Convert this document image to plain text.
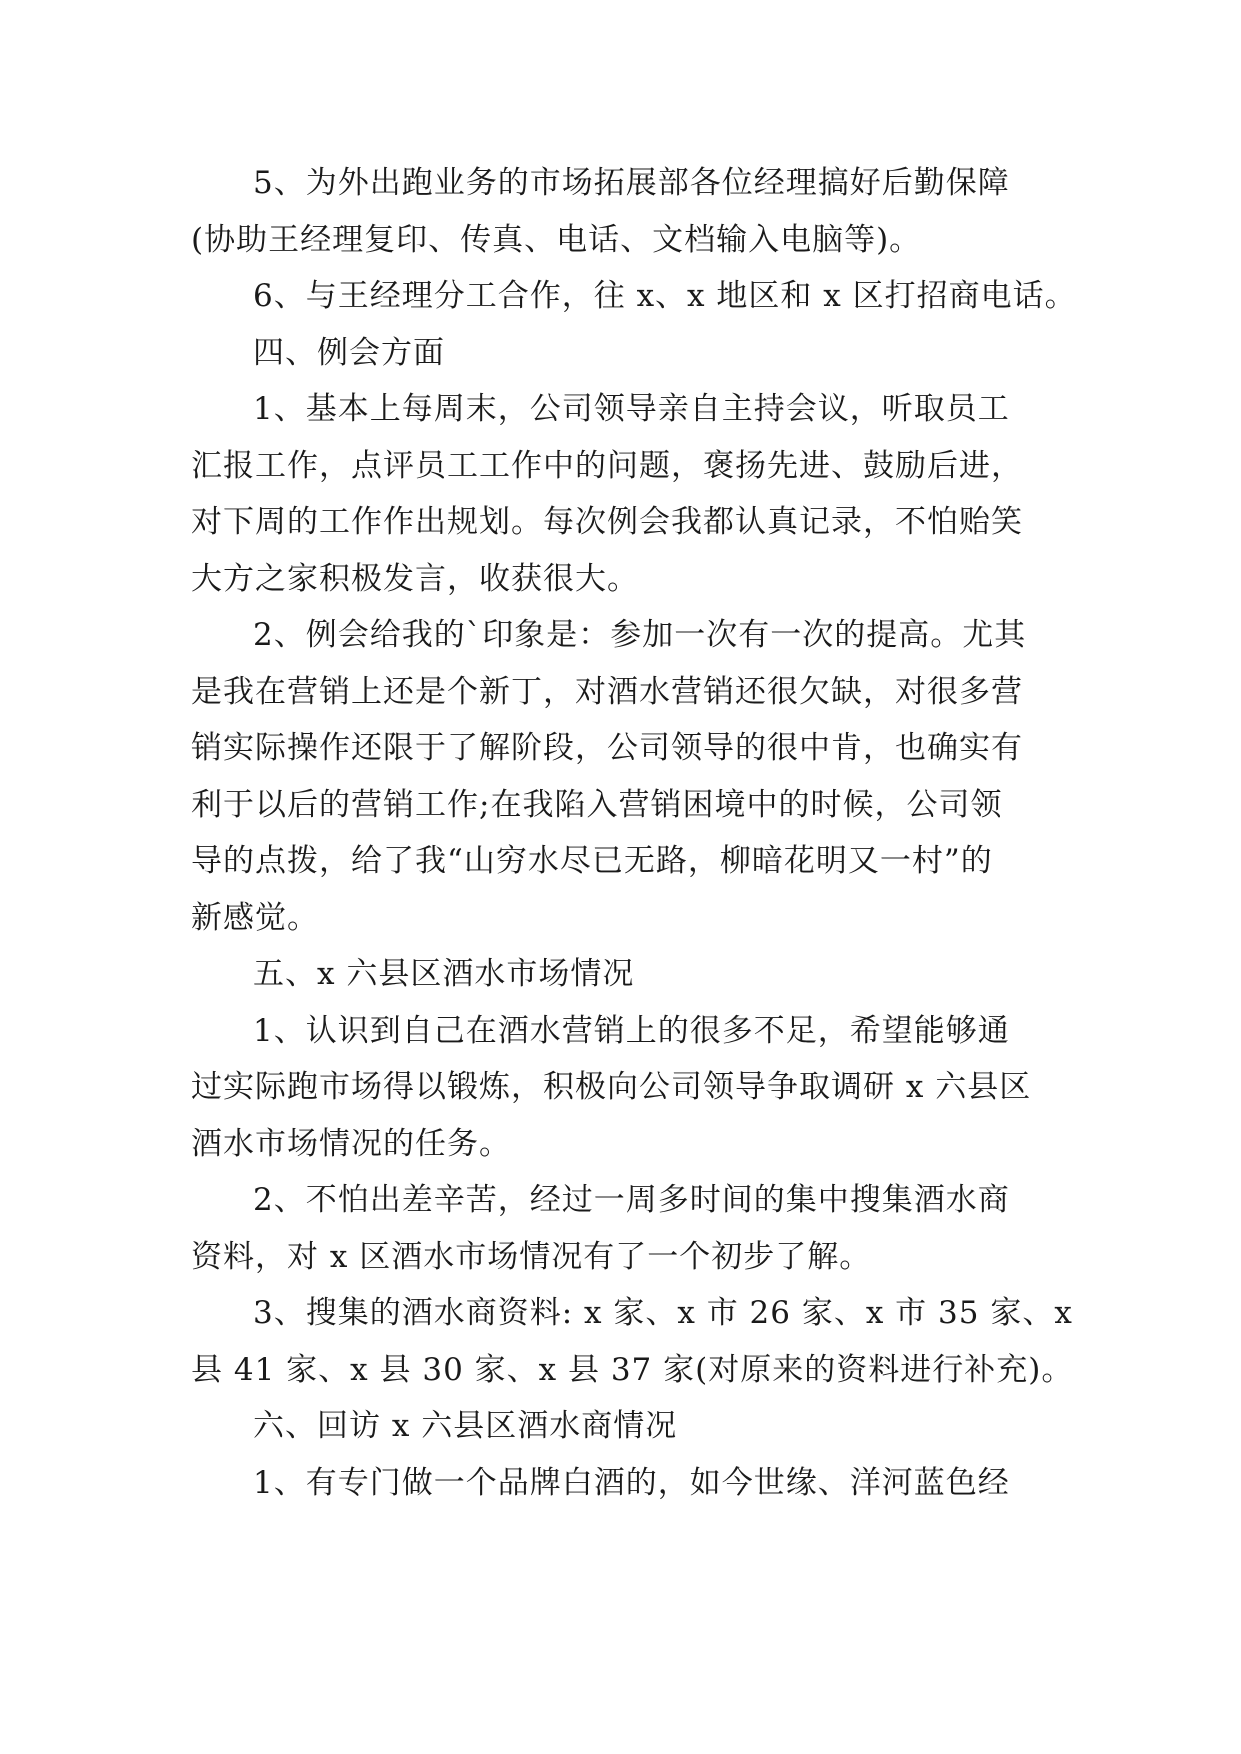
5、为外出跑业务的市场拓展部各位经理搞好后勤保障
(协助王经理复印、传真、电话、文档输入电脑等)。
6、与王经理分工合作，往 x、x 地区和 x 区打招商电话。
四、例会方面
1、基本上每周末，公司领导亲自主持会议，听取员工
汇报工作，点评员工工作中的问题，褒扬先进、鼓励后进，
对下周的工作作出规划。每次例会我都认真记录，不怕贻笑
大方之家积极发言，收获很大。
2、例会给我的`印象是：参加一次有一次的提高。尤其
是我在营销上还是个新丁，对酒水营销还很欠缺，对很多营
销实际操作还限于了解阶段，公司领导的很中肯，也确实有
利于以后的营销工作;在我陷入营销困境中的时候，公司领
导的点拨，给了我“山穷水尽已无路，柳暗花明又一村”的
新感觉。
五、x 六县区酒水市场情况
1、认识到自己在酒水营销上的很多不足，希望能够通
过实际跑市场得以锻炼，积极向公司领导争取调研 x 六县区
酒水市场情况的任务。
2、不怕出差辛苦，经过一周多时间的集中搜集酒水商
资料，对 x 区酒水市场情况有了一个初步了解。
3、搜集的酒水商资料: x 家、x 市 26 家、x 市 35 家、x
县 41 家、x 县 30 家、x 县 37 家(对原来的资料进行补充)。
六、回访 x 六县区酒水商情况
1、有专门做一个品牌白酒的，如今世缘、洋河蓝色经
